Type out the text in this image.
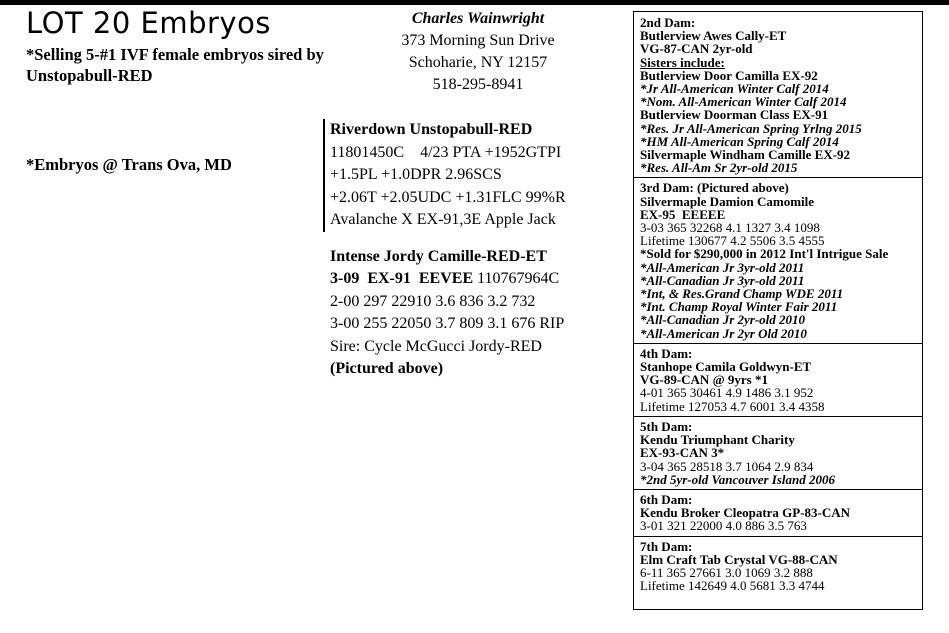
LOT 20 Embryos
*Selling 5-#1 IVF female embryos sired by Unstopabull-RED
*Embryos @ Trans Ova, MD
Charles Wainwright
373 Morning Sun Drive
Schoharie, NY 12157
518-295-8941
Riverdown Unstopabull-RED
11801450C    4/23 PTA +1952GTPI
+1.5PL +1.0DPR 2.96SCS
+2.06T +2.05UDC +1.31FLC 99%R
Avalanche X EX-91,3E Apple Jack
Intense Jordy Camille-RED-ET
3-09  EX-91  EEVEE 110767964C
2-00 297 22910 3.6 836 3.2 732
3-00 255 22050 3.7 809 3.1 676 RIP
Sire: Cycle McGucci Jordy-RED
(Pictured above)
2nd Dam:
Butlerview Awes Cally-ET
VG-87-CAN 2yr-old
Sisters include:
Butlerview Door Camilla EX-92
*Jr All-American Winter Calf 2014
*Nom. All-American Winter Calf 2014
Butlerview Doorman Class EX-91
*Res. Jr All-American Spring Yrlng 2015
*HM All-American Spring Calf 2014
Silvermaple Windham Camille EX-92
*Res. All-Am Sr 2yr-old 2015
3rd Dam: (Pictured above)
Silvermaple Damion Camomile
EX-95  EEEEE
3-03 365 32268 4.1 1327 3.4 1098
Lifetime 130677 4.2 5506 3.5 4555
*Sold for $290,000 in 2012 Int'l Intrigue Sale
*All-American Jr 3yr-old 2011
*All-Canadian Jr 3yr-old 2011
*Int, & Res.Grand Champ WDE 2011
*Int. Champ Royal Winter Fair 2011
*All-Canadian Jr 2yr-old 2010
*All-American Jr 2yr Old 2010
4th Dam:
Stanhope Camila Goldwyn-ET
VG-89-CAN @ 9yrs *1
4-01 365 30461 4.9 1486 3.1 952
Lifetime 127053 4.7 6001 3.4 4358
5th Dam:
Kendu Triumphant Charity
EX-93-CAN 3*
3-04 365 28518 3.7 1064 2.9 834
*2nd 5yr-old Vancouver Island 2006
6th Dam:
Kendu Broker Cleopatra GP-83-CAN
3-01 321 22000 4.0 886 3.5 763
7th Dam:
Elm Craft Tab Crystal VG-88-CAN
6-11 365 27661 3.0 1069 3.2 888
Lifetime 142649 4.0 5681 3.3 4744
